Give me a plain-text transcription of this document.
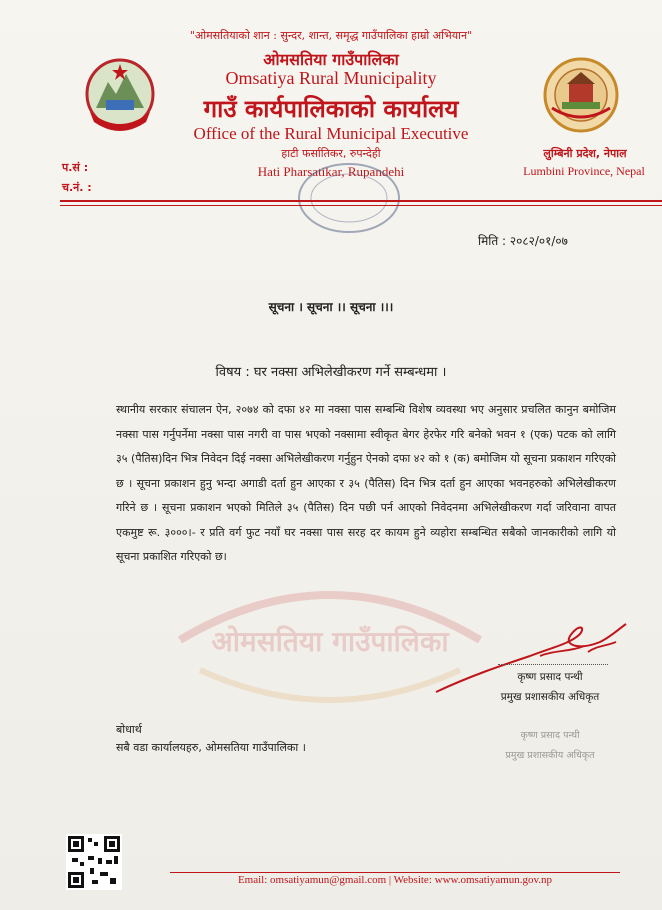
"ओमसतियाको शान : सुन्दर, शान्त, समृद्ध गाउँपालिका हाम्रो अभियान"
ओमसतिया गाउँपालिका
Omsatiya Rural Municipality
गाउँ कार्यपालिकाको कार्यालय
Office of the Rural Municipal Executive
हाटी फर्सातिकर, रुपन्देही
Hati Pharsatikar, Rupandehi
लुम्बिनी प्रदेश, नेपाल
Lumbini Province, Nepal
प.सं :
च.नं. :
मिति : २०८२/०१/०७
सूचना । सूचना ।। सूचना ।।।
विषय : घर नक्सा अभिलेखीकरण गर्ने सम्बन्धमा ।
ओमसतिया गाउँपालिका
स्थानीय सरकार संचालन ऐन, २०७४ को दफा ४२ मा नक्सा पास सम्बन्धि विशेष व्यवस्था भए अनुसार प्रचलित कानुन बमोजिम नक्सा पास गर्नुपर्नेमा नक्सा पास नगरी वा पास भएको नक्सामा स्वीकृत बेगर हेरफेर गरि बनेको भवन १ (एक) पटक को लागि ३५ (पैतिस)दिन भित्र निवेदन दिई नक्सा अभिलेखीकरण गर्नुहुन ऐनको दफा ४२ को १ (क) बमोजिम यो सूचना प्रकाशन गरिएको छ । सूचना प्रकाशन हुनु भन्दा अगाडी दर्ता हुन आएका र ३५ (पैतिस) दिन भित्र दर्ता हुन आएका भवनहरुको अभिलेखीकरण गरिने छ । सूचना प्रकाशन भएको मितिले ३५ (पैतिस) दिन पछी पर्न आएको निवेदनमा अभिलेखीकरण गर्दा जरिवाना वापत एकमुष्ट रू. ३०००।- र प्रति वर्ग फुट नयाँ घर नक्सा पास सरह दर कायम हुने व्यहोरा सम्बन्धित सबैको जानकारीको लागि यो सूचना प्रकाशित गरिएको छ।
कृष्ण प्रसाद पन्थी
प्रमुख प्रशासकीय अधिकृत
कृष्ण प्रसाद पन्थी
प्रमुख प्रशासकीय अधिकृत
बोधार्थ
सबै वडा कार्यालयहरु, ओमसतिया गाउँपालिका ।
Email: omsatiyamun@gmail.com | Website: www.omsatiyamun.gov.np
